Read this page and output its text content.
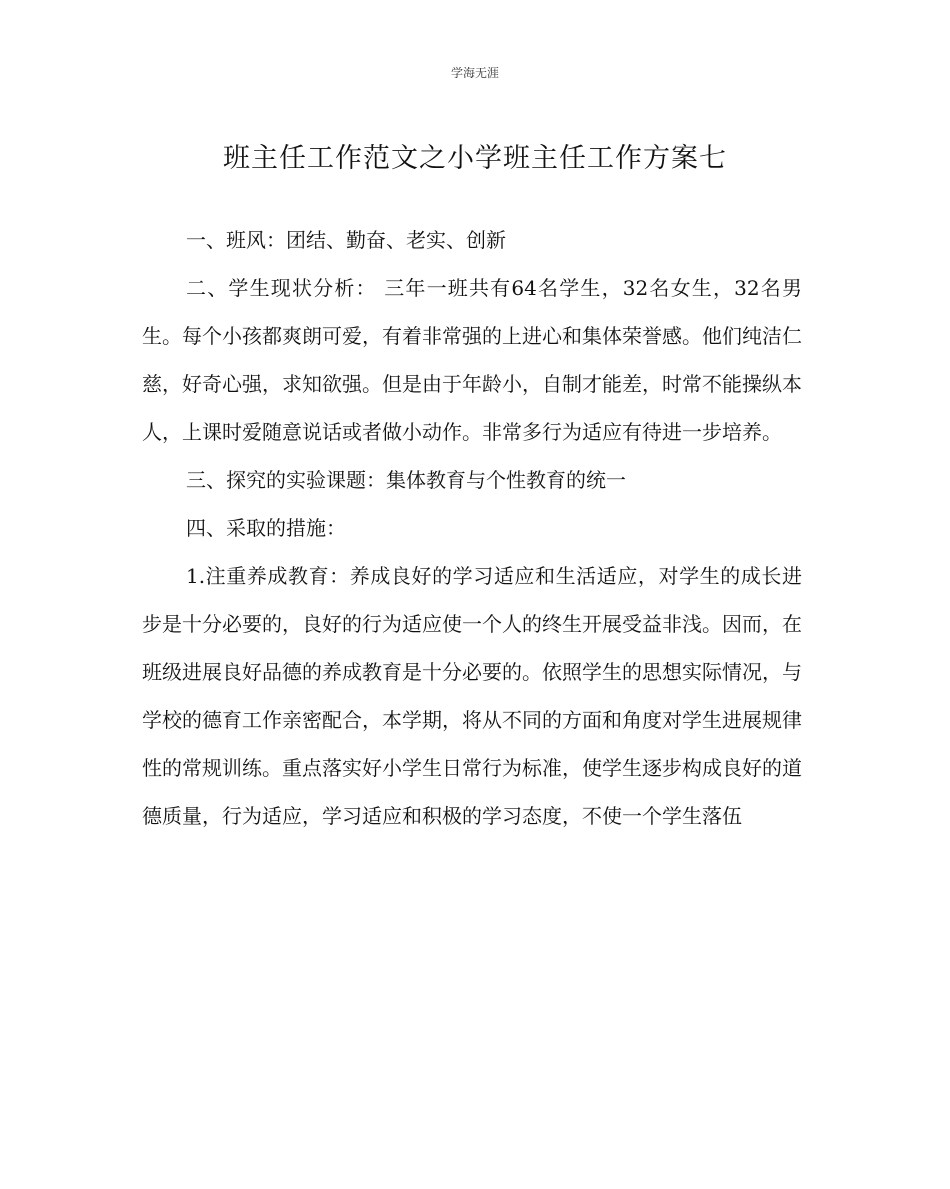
学海无涯
班主任工作范文之小学班主任工作方案七

一、班风：团结、勤奋、老实、创新

二、学生现状分析： 三年一班共有64名学生，32名女生，32名男生。每个小孩都爽朗可爱，有着非常强的上进心和集体荣誉感。他们纯洁仁慈，好奇心强，求知欲强。但是由于年龄小，自制才能差，时常不能操纵本人，上课时爱随意说话或者做小动作。非常多行为适应有待进一步培养。

三、探究的实验课题：集体教育与个性教育的统一

四、采取的措施：

1.注重养成教育：养成良好的学习适应和生活适应，对学生的成长进步是十分必要的，良好的行为适应使一个人的终生开展受益非浅。因而，在班级进展良好品德的养成教育是十分必要的。依照学生的思想实际情况，与学校的德育工作亲密配合，本学期，将从不同的方面和角度对学生进展规律性的常规训练。重点落实好小学生日常行为标准，使学生逐步构成良好的道德质量，行为适应，学习适应和积极的学习态度，不使一个学生落伍
